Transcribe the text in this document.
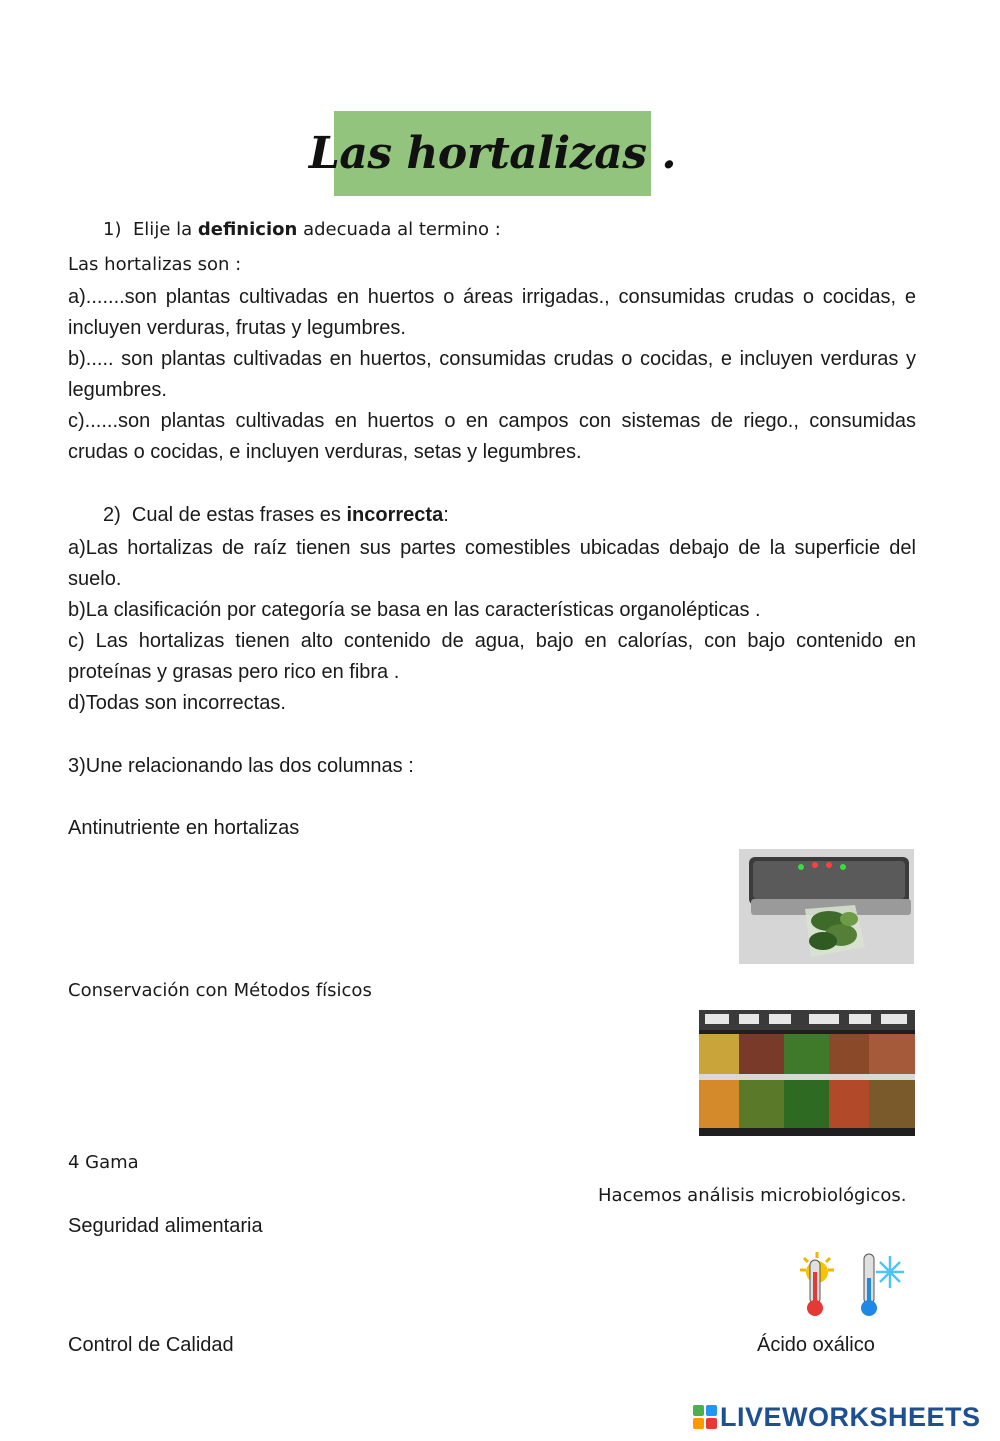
Las hortalizas .
1) Elije la definicion adecuada al termino :
Las hortalizas son :

a).......son plantas cultivadas en huertos o áreas irrigadas., consumidas crudas o cocidas, e incluyen verduras, frutas y legumbres.

b)..... son plantas cultivadas en huertos, consumidas crudas o cocidas, e incluyen verduras y legumbres.

c)......son plantas cultivadas en huertos o en campos con sistemas de riego., consumidas crudas o cocidas, e incluyen verduras, setas y legumbres.

2) Cual de estas frases es incorrecta:

a)Las hortalizas de raíz tienen sus partes comestibles ubicadas debajo de la superficie del suelo.

b)La clasificación por categoría se basa en las características organolépticas .

c) Las hortalizas tienen alto contenido de agua, bajo en calorías, con bajo contenido en proteínas y grasas pero rico en fibra .

d)Todas son incorrectas.

3)Une relacionando las dos columnas :
Antinutriente en hortalizas
Conservación con Métodos físicos
4 Gama
Seguridad alimentaria
Control de Calidad
Hacemos análisis microbiológicos.
Ácido oxálico
LIVEWORKSHEETS
